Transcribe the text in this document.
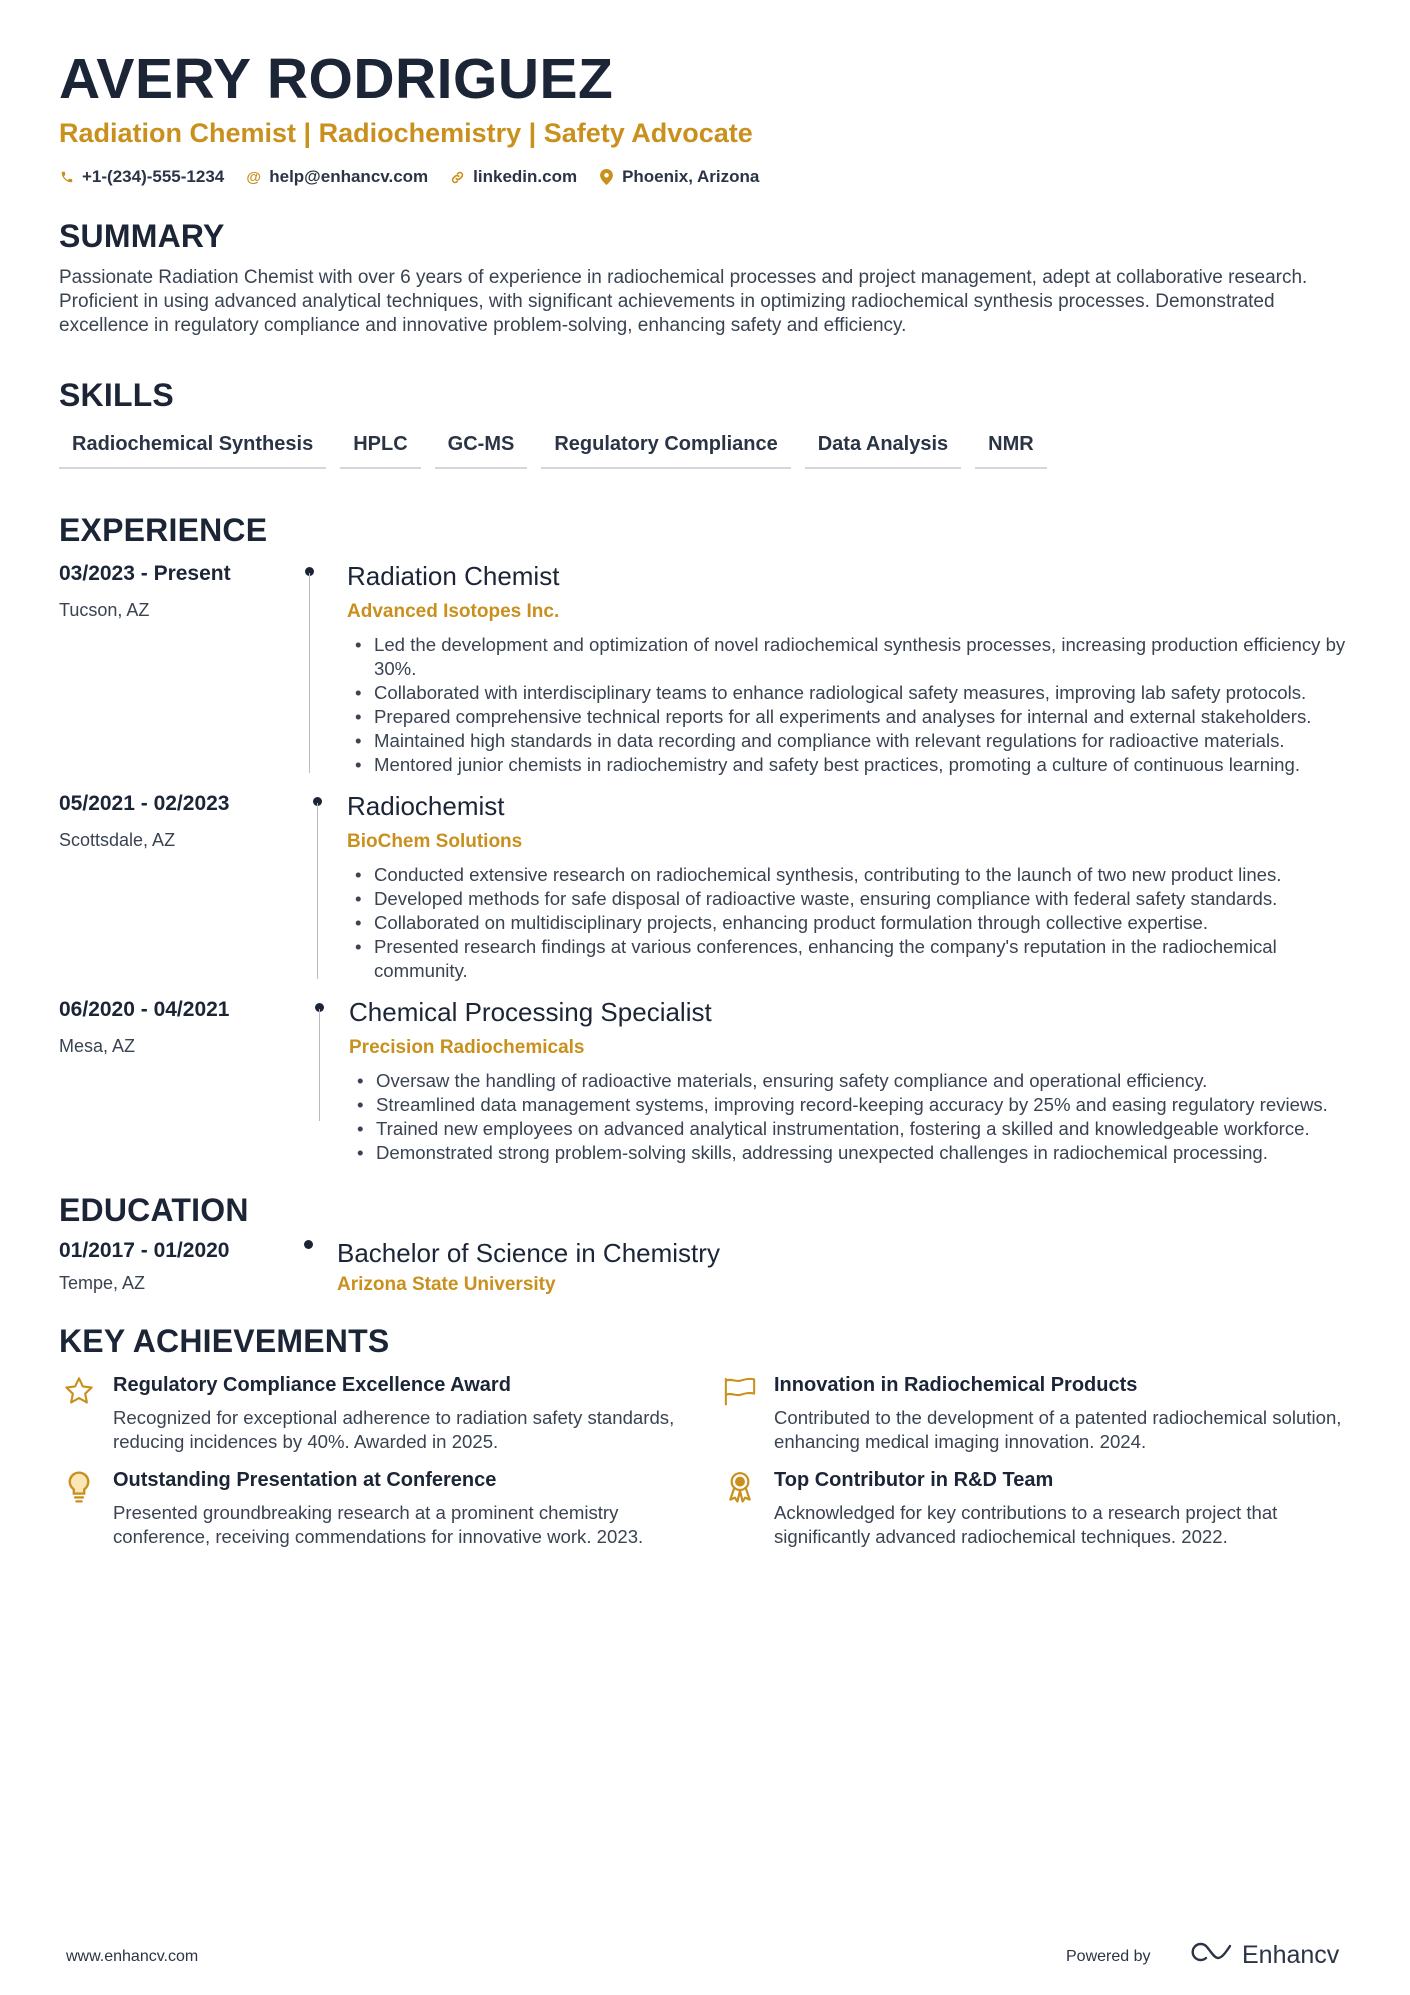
AVERY RODRIGUEZ
Radiation Chemist | Radiochemistry | Safety Advocate
+1-(234)-555-1234 @ help@enhancv.com	linkedin.com	Phoenix, Arizona
SUMMARY
Passionate Radiation Chemist with over 6 years of experience in radiochemical processes and project management, adept at collaborative research. Proficient in using advanced analytical techniques, with significant achievements in optimizing radiochemical synthesis processes. Demonstrated excellence in regulatory compliance and innovative problem-solving, enhancing safety and efficiency.
SKILLS
Radiochemical Synthesis	HPLC	GC-MS	Regulatory Compliance	Data Analysis	NMR
EXPERIENCE
03/2023 - Present
Tucson, AZ
Radiation Chemist
Advanced Isotopes Inc.
• Led the development and optimization of novel radiochemical synthesis processes, increasing production efficiency by 30%.
• Collaborated with interdisciplinary teams to enhance radiological safety measures, improving lab safety protocols.
• Prepared comprehensive technical reports for all experiments and analyses for internal and external stakeholders.
• Maintained high standards in data recording and compliance with relevant regulations for radioactive materials.
• Mentored junior chemists in radiochemistry and safety best practices, promoting a culture of continuous learning.
05/2021 - 02/2023
Scottsdale, AZ
Radiochemist
BioChem Solutions
• Conducted extensive research on radiochemical synthesis, contributing to the launch of two new product lines.
• Developed methods for safe disposal of radioactive waste, ensuring compliance with federal safety standards.
• Collaborated on multidisciplinary projects, enhancing product formulation through collective expertise.
• Presented research findings at various conferences, enhancing the company's reputation in the radiochemical community.
06/2020 - 04/2021
Mesa, AZ
Chemical Processing Specialist
Precision Radiochemicals
• Oversaw the handling of radioactive materials, ensuring safety compliance and operational efficiency.
• Streamlined data management systems, improving record-keeping accuracy by 25% and easing regulatory reviews.
• Trained new employees on advanced analytical instrumentation, fostering a skilled and knowledgeable workforce.
• Demonstrated strong problem-solving skills, addressing unexpected challenges in radiochemical processing.
EDUCATION
01/2017 - 01/2020
Tempe, AZ
Bachelor of Science in Chemistry
Arizona State University
KEY ACHIEVEMENTS
Regulatory Compliance Excellence Award
Recognized for exceptional adherence to radiation safety standards, reducing incidences by 40%. Awarded in 2025.
Innovation in Radiochemical Products
Contributed to the development of a patented radiochemical solution, enhancing medical imaging innovation. 2024.
Outstanding Presentation at Conference
Presented groundbreaking research at a prominent chemistry conference, receiving commendations for innovative work. 2023.
Top Contributor in R&D Team
Acknowledged for key contributions to a research project that significantly advanced radiochemical techniques. 2022.
www.enhancv.com	Powered by	Enhancv
